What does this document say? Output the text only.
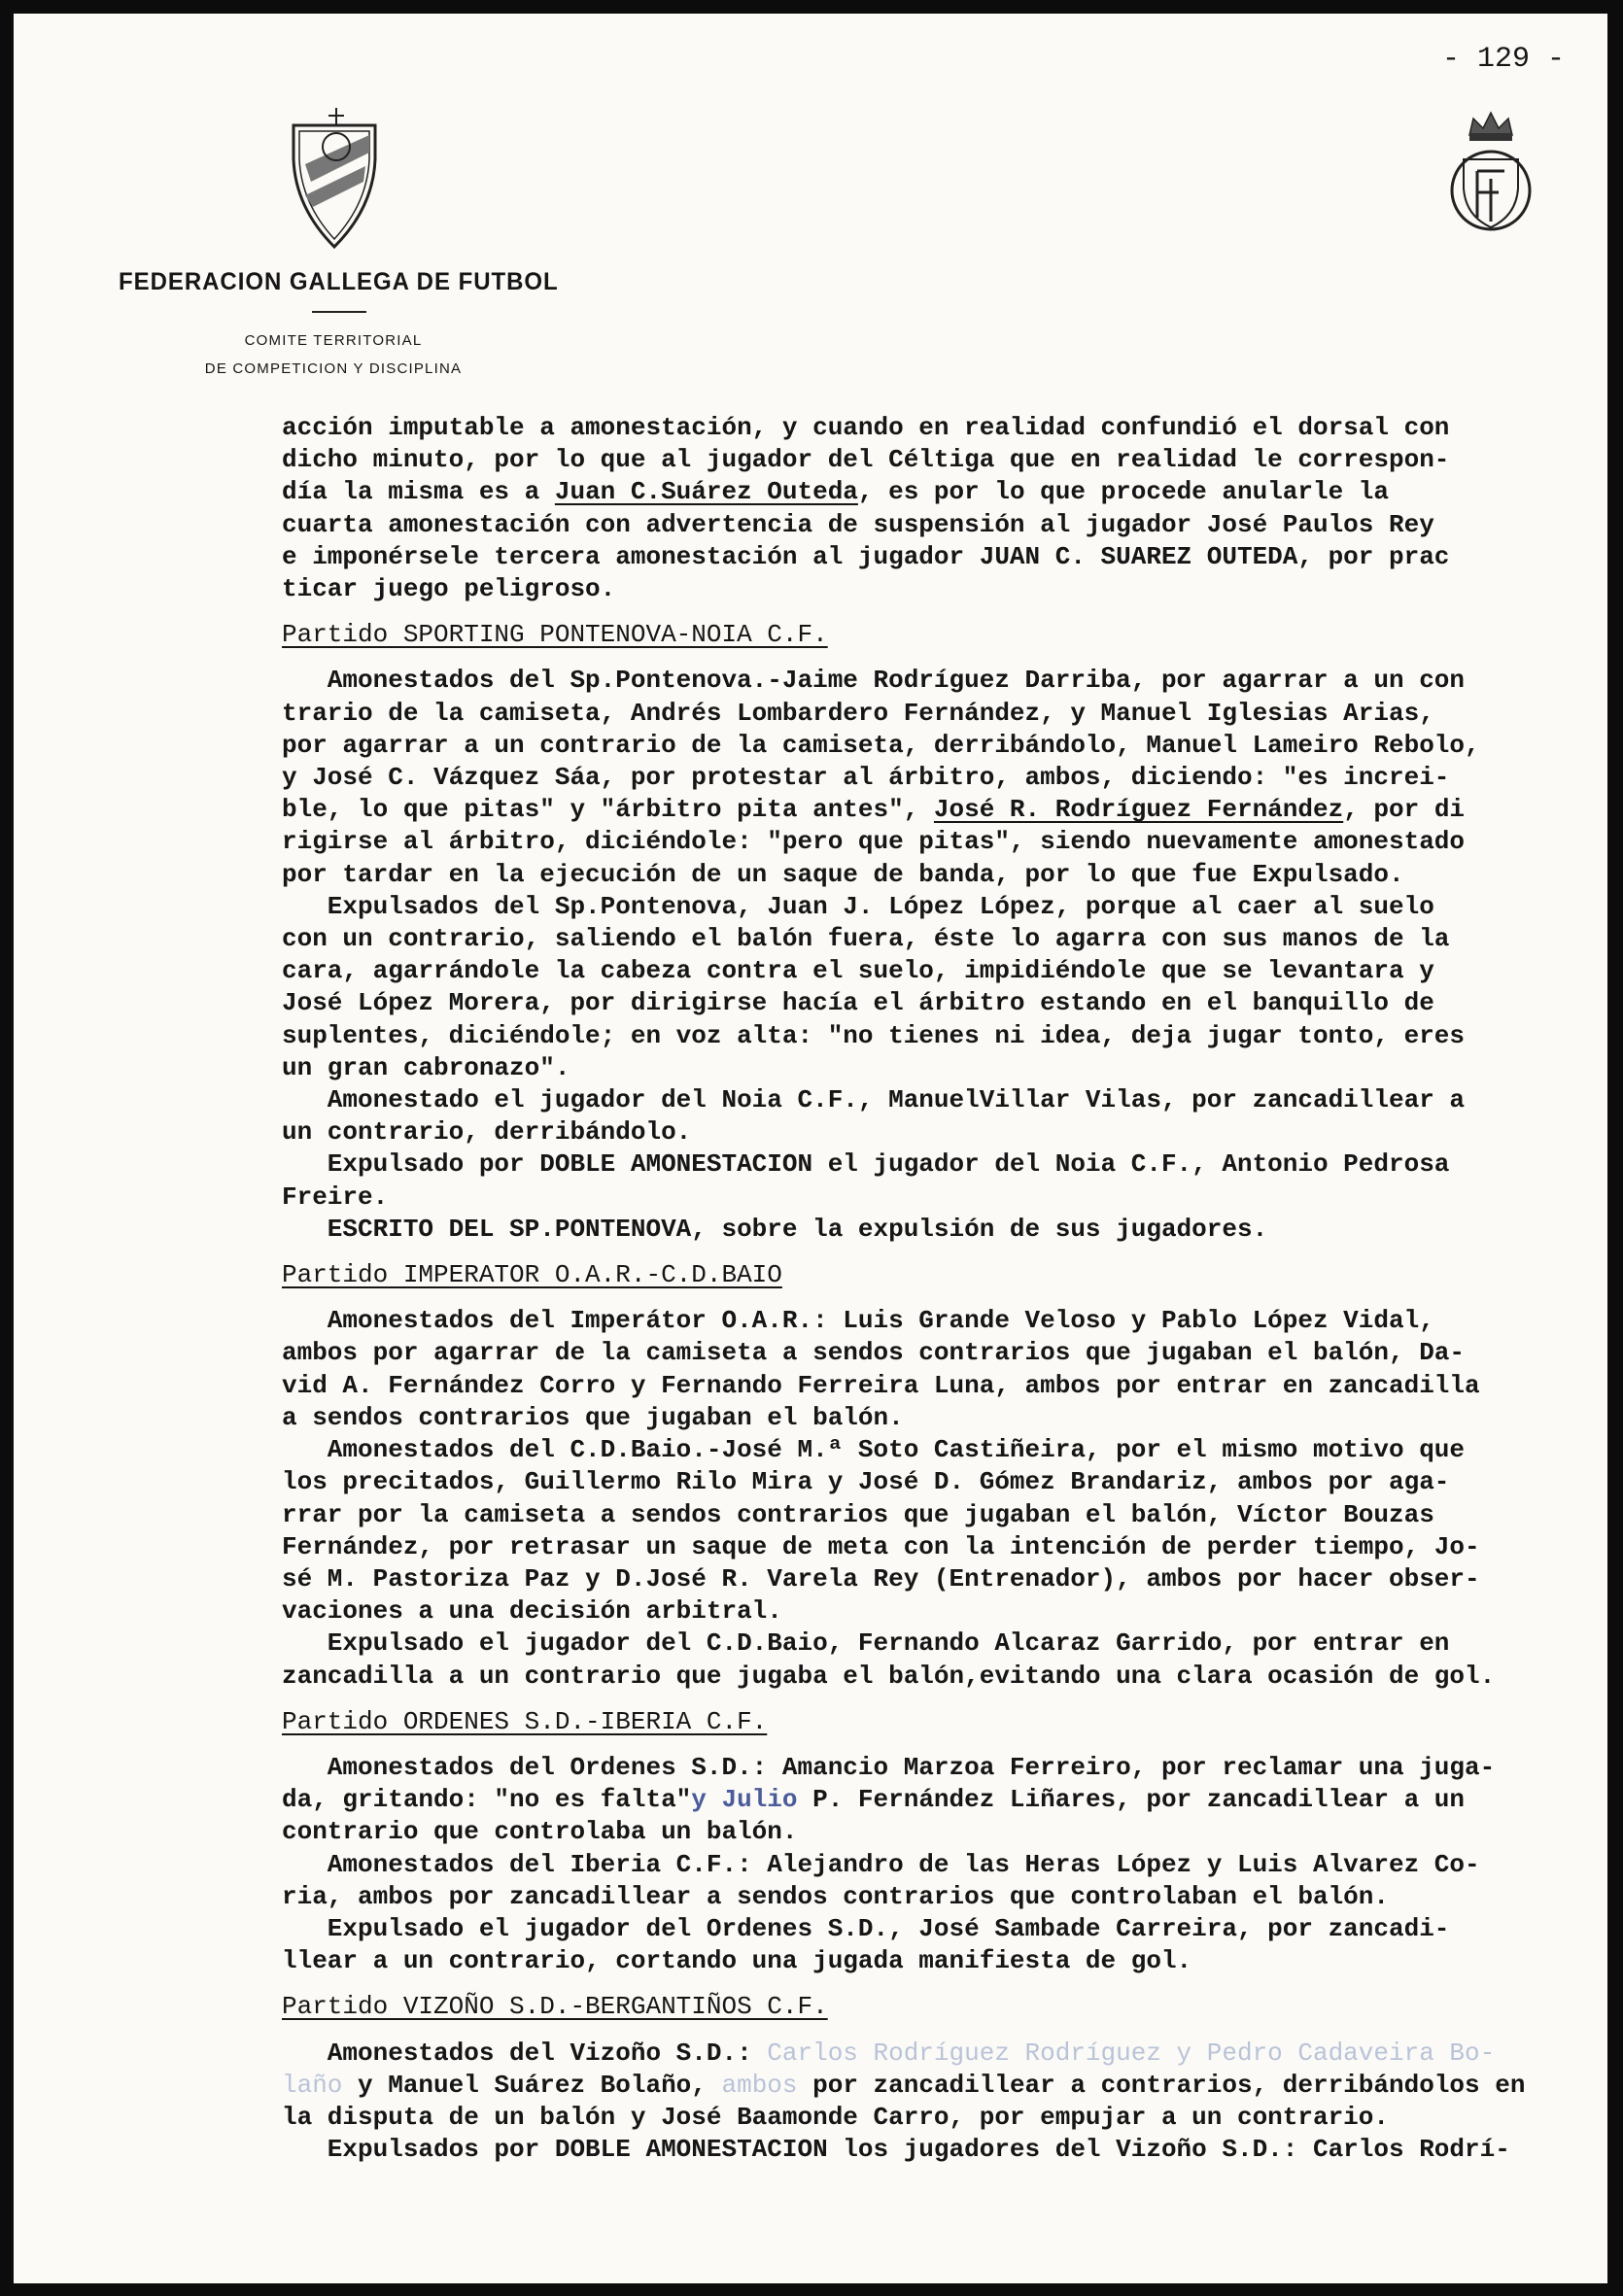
- 129 -
FEDERACION GALLEGA DE FUTBOL
COMITE TERRITORIAL
DE COMPETICION Y DISCIPLINA

acción imputable a amonestación, y cuando en realidad confundió el dorsal con

dicho minuto, por lo que al jugador del Céltiga que en realidad le correspon-

día la misma es a Juan C.Suárez Outeda, es por lo que procede anularle la

cuarta amonestación con advertencia de suspensión al jugador José Paulos Rey

e imponérsele tercera amonestación al jugador JUAN C. SUAREZ OUTEDA, por prac

ticar juego peligroso.

Partido SPORTING PONTENOVA-NOIA C.F.

Amonestados del Sp.Pontenova.-Jaime Rodríguez Darriba, por agarrar a un con

trario de la camiseta, Andrés Lombardero Fernández, y Manuel Iglesias Arias,

por agarrar a un contrario de la camiseta, derribándolo, Manuel Lameiro Rebolo,

y José C. Vázquez Sáa, por protestar al árbitro, ambos, diciendo: "es increi-

ble, lo que pitas" y "árbitro pita antes", José R. Rodríguez Fernández, por di

rigirse al árbitro, diciéndole: "pero que pitas", siendo nuevamente amonestado

por tardar en la ejecución de un saque de banda, por lo que fue Expulsado.

Expulsados del Sp.Pontenova, Juan J. López López, porque al caer al suelo

con un contrario, saliendo el balón fuera, éste lo agarra con sus manos de la

cara, agarrándole la cabeza contra el suelo, impidiéndole que se levantara y

José López Morera, por dirigirse hacía el árbitro estando en el banquillo de

suplentes, diciéndole; en voz alta: "no tienes ni idea, deja jugar tonto, eres

un gran cabronazo".

Amonestado el jugador del Noia C.F., ManuelVillar Vilas, por zancadillear a

un contrario, derribándolo.

Expulsado por DOBLE AMONESTACION el jugador del Noia C.F., Antonio Pedrosa

Freire.

ESCRITO DEL SP.PONTENOVA, sobre la expulsión de sus jugadores.

Partido IMPERATOR O.A.R.-C.D.BAIO

Amonestados del Imperátor O.A.R.: Luis Grande Veloso y Pablo López Vidal,

ambos por agarrar de la camiseta a sendos contrarios que jugaban el balón, Da-

vid A. Fernández Corro y Fernando Ferreira Luna, ambos por entrar en zancadilla

a sendos contrarios que jugaban el balón.

Amonestados del C.D.Baio.-José M.ª Soto Castiñeira, por el mismo motivo que

los precitados, Guillermo Rilo Mira y José D. Gómez Brandariz, ambos por aga-

rrar por la camiseta a sendos contrarios que jugaban el balón, Víctor Bouzas

Fernández, por retrasar un saque de meta con la intención de perder tiempo, Jo-

sé M. Pastoriza Paz y D.José R. Varela Rey (Entrenador), ambos por hacer obser-

vaciones a una decisión arbitral.

Expulsado el jugador del C.D.Baio, Fernando Alcaraz Garrido, por entrar en

zancadilla a un contrario que jugaba el balón,evitando una clara ocasión de gol.

Partido ORDENES S.D.-IBERIA C.F.

Amonestados del Ordenes S.D.: Amancio Marzoa Ferreiro, por reclamar una juga-

da, gritando: "no es falta"y Julio P. Fernández Liñares, por zancadillear a un

contrario que controlaba un balón.

Amonestados del Iberia C.F.: Alejandro de las Heras López y Luis Alvarez Co-

ria, ambos por zancadillear a sendos contrarios que controlaban el balón.

Expulsado el jugador del Ordenes S.D., José Sambade Carreira, por zancadi-

llear a un contrario, cortando una jugada manifiesta de gol.

Partido VIZOÑO S.D.-BERGANTIÑOS C.F.

Amonestados del Vizoño S.D.: Carlos Rodríguez Rodríguez y Pedro Cadaveira Bo-

laño y Manuel Suárez Bolaño, ambos por zancadillear a contrarios, derribándolos en

la disputa de un balón y José Baamonde Carro, por empujar a un contrario.

Expulsados por DOBLE AMONESTACION los jugadores del Vizoño S.D.: Carlos Rodrí-
